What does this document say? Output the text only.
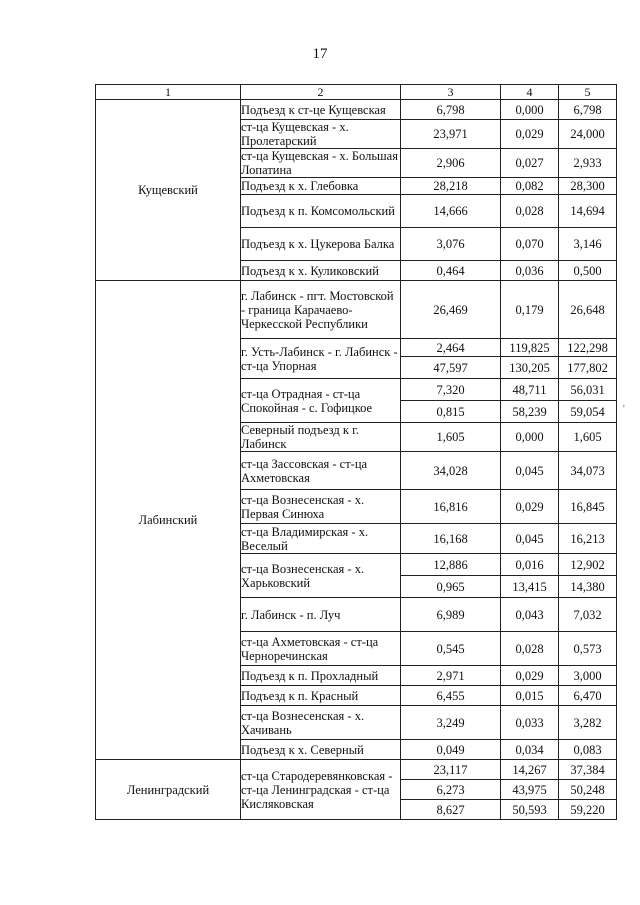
17
1	2	3	4	5
Кущевский	Подъезд к ст-це Кущевская	6,798	0,000	6,798
	ст-ца Кущевская - х. Пролетарский	23,971	0,029	24,000
	ст-ца Кущевская - х. Большая Лопатина	2,906	0,027	2,933
	Подъезд к х. Глебовка	28,218	0,082	28,300
	Подъезд к п. Комсомольский	14,666	0,028	14,694
	Подъезд к х. Цукерова Балка	3,076	0,070	3,146
	Подъезд к х. Куликовский	0,464	0,036	0,500
Лабинский	г. Лабинск - пгт. Мостовской - граница Карачаево-Черкесской Республики	26,469	0,179	26,648
	г. Усть-Лабинск - г. Лабинск - ст-ца Упорная	2,464	119,825	122,298
		47,597	130,205	177,802
	ст-ца Отрадная - ст-ца Спокойная - с. Гофицкое	7,320	48,711	56,031
		0,815	58,239	59,054
	Северный подъезд к г. Лабинск	1,605	0,000	1,605
	ст-ца Зассовская - ст-ца Ахметовская	34,028	0,045	34,073
	ст-ца Вознесенская - х. Первая Синюха	16,816	0,029	16,845
	ст-ца Владимирская - х. Веселый	16,168	0,045	16,213
	ст-ца Вознесенская - х. Харьковский	12,886	0,016	12,902
		0,965	13,415	14,380
	г. Лабинск - п. Луч	6,989	0,043	7,032
	ст-ца Ахметовская - ст-ца Черноречинская	0,545	0,028	0,573
	Подъезд к п. Прохладный	2,971	0,029	3,000
	Подъезд к п. Красный	6,455	0,015	6,470
	ст-ца Вознесенская - х. Хачивань	3,249	0,033	3,282
	Подъезд к х. Северный	0,049	0,034	0,083
Ленинградский	ст-ца Стародеревянковская - ст-ца Ленинградская - ст-ца Кисляковская	23,117	14,267	37,384
		6,273	43,975	50,248
		8,627	50,593	59,220
'
